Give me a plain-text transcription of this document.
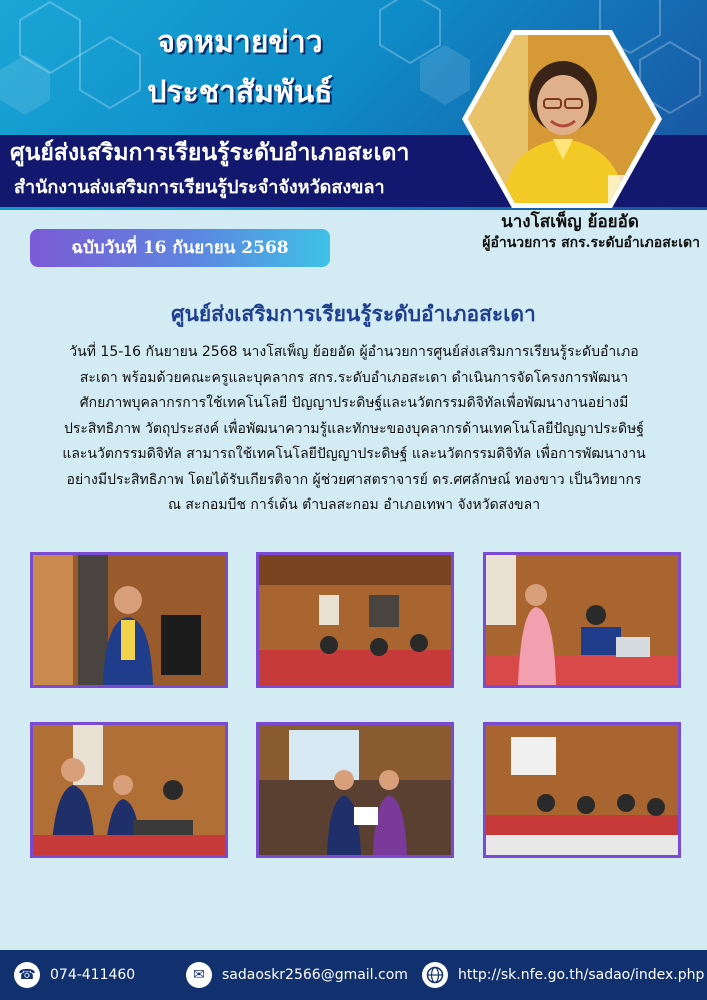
จดหมายข่าว
ประชาสัมพันธ์
ศูนย์ส่งเสริมการเรียนรู้ระดับอำเภอสะเดา
สำนักงานส่งเสริมการเรียนรู้ประจำจังหวัดสงขลา
นางโสเพ็ญ ย้อยอัด
ผู้อำนวยการ สกร.ระดับอำเภอสะเดา
ฉบับวันที่ 16 กันยายน 2568
ศูนย์ส่งเสริมการเรียนรู้ระดับอำเภอสะเดา
วันที่ 15-16 กันยายน 2568 นางโสเพ็ญ ย้อยอัด ผู้อำนวยการศูนย์ส่งเสริมการเรียนรู้ระดับอำเภอ
สะเดา พร้อมด้วยคณะครูและบุคลากร สกร.ระดับอำเภอสะเดา ดำเนินการจัดโครงการพัฒนา
ศักยภาพบุคลากรการใช้เทคโนโลยี ปัญญาประดิษฐ์และนวัตกรรมดิจิทัลเพื่อพัฒนางานอย่างมี
ประสิทธิภาพ วัตถุประสงค์ เพื่อพัฒนาความรู้และทักษะของบุคลากรด้านเทคโนโลยีปัญญาประดิษฐ์
และนวัตกรรมดิจิทัล สามารถใช้เทคโนโลยีปัญญาประดิษฐ์ และนวัตกรรมดิจิทัล เพื่อการพัฒนางาน
อย่างมีประสิทธิภาพ โดยได้รับเกียรติจาก ผู้ช่วยศาสตราจารย์ ดร.ศศลักษณ์ ทองขาว เป็นวิทยากร
ณ สะกอมบีช การ์เด้น ตำบลสะกอม อำเภอเทพา จังหวัดสงขลา
☎	074-411460	✉	sadaoskr2566@gmail.com	http://sk.nfe.go.th/sadao/index.php
